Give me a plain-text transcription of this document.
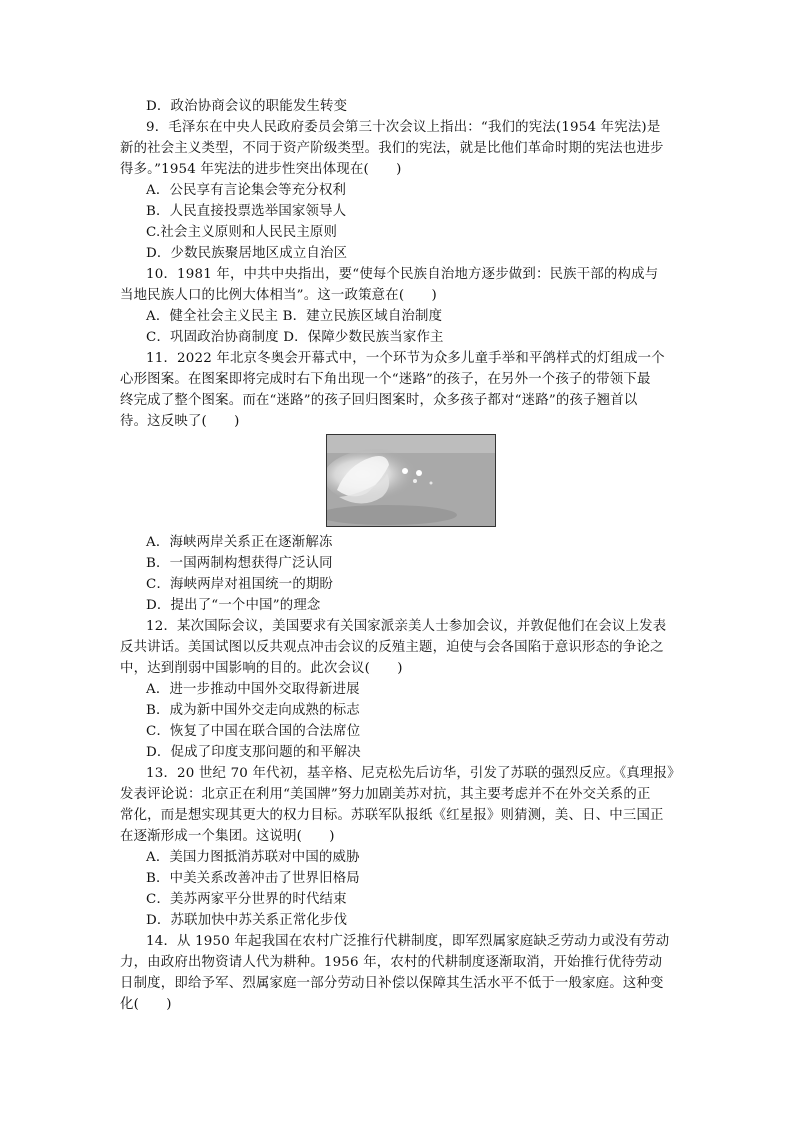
D．政治协商会议的职能发生转变
9．毛泽东在中央人民政府委员会第三十次会议上指出：“我们的宪法(1954 年宪法)是
新的社会主义类型，不同于资产阶级类型。我们的宪法，就是比他们革命时期的宪法也进步
得多。”1954 年宪法的进步性突出体现在(　　)
A．公民享有言论集会等充分权利
B．人民直接投票选举国家领导人
C.社会主义原则和人民民主原则
D．少数民族聚居地区成立自治区
10．1981 年，中共中央指出，要“使每个民族自治地方逐步做到：民族干部的构成与
当地民族人口的比例大体相当”。这一政策意在(　　)
A．健全社会主义民主 B．建立民族区域自治制度
C．巩固政治协商制度 D．保障少数民族当家作主
11．2022 年北京冬奥会开幕式中，一个环节为众多儿童手举和平鸽样式的灯组成一个
心形图案。在图案即将完成时右下角出现一个“迷路”的孩子，在另外一个孩子的带领下最
终完成了整个图案。而在“迷路”的孩子回归图案时，众多孩子都对“迷路”的孩子翘首以
待。这反映了(　　)
A．海峡两岸关系正在逐渐解冻
B．一国两制构想获得广泛认同
C．海峡两岸对祖国统一的期盼
D．提出了“一个中国”的理念
12．某次国际会议，美国要求有关国家派亲美人士参加会议，并敦促他们在会议上发表
反共讲话。美国试图以反共观点冲击会议的反殖主题，迫使与会各国陷于意识形态的争论之
中，达到削弱中国影响的目的。此次会议(　　)
A．进一步推动中国外交取得新进展
B．成为新中国外交走向成熟的标志
C．恢复了中国在联合国的合法席位
D．促成了印度支那问题的和平解决
13．20 世纪 70 年代初，基辛格、尼克松先后访华，引发了苏联的强烈反应。《真理报》
发表评论说：北京正在利用“美国牌”努力加剧美苏对抗，其主要考虑并不在外交关系的正
常化，而是想实现其更大的权力目标。苏联军队报纸《红星报》则猜测，美、日、中三国正
在逐渐形成一个集团。这说明(　　)
A．美国力图抵消苏联对中国的威胁
B．中美关系改善冲击了世界旧格局
C．美苏两家平分世界的时代结束
D．苏联加快中苏关系正常化步伐
14．从 1950 年起我国在农村广泛推行代耕制度，即军烈属家庭缺乏劳动力或没有劳动
力，由政府出物资请人代为耕种。1956 年，农村的代耕制度逐渐取消，开始推行优待劳动
日制度，即给予军、烈属家庭一部分劳动日补偿以保障其生活水平不低于一般家庭。这种变
化(　　)
